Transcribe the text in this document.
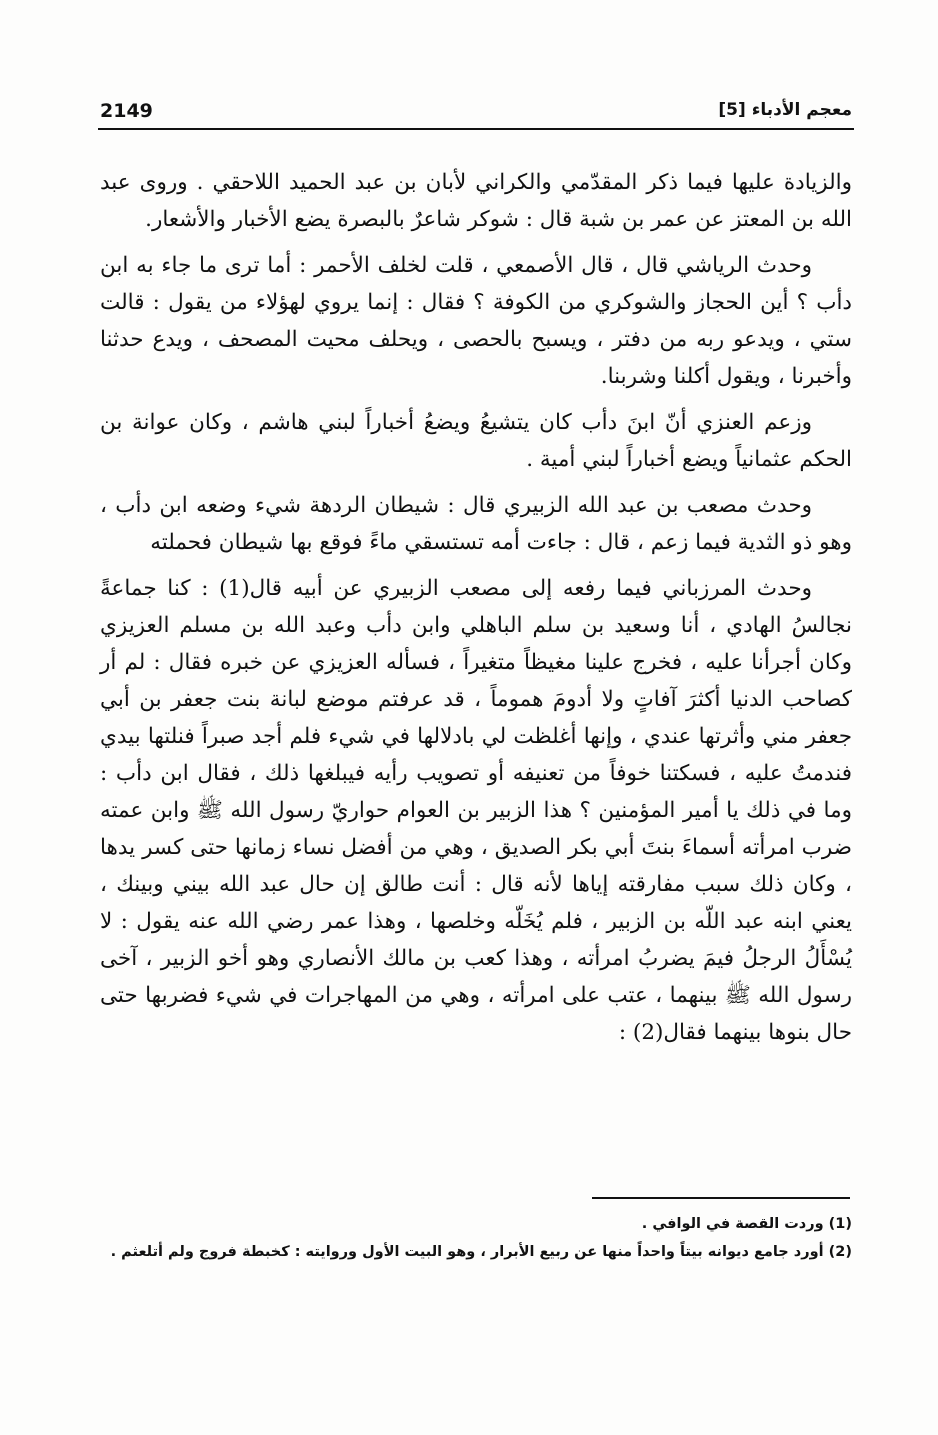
2149	معجم الأدباء [5]

والزيادة عليها فيما ذكر المقدّمي والكراني لأبان بن عبد الحميد اللاحقي . وروى عبد الله بن المعتز عن عمر بن شبة قال : شوكر شاعرٌ بالبصرة يضع الأخبار والأشعار.

وحدث الرياشي قال ، قال الأصمعي ، قلت لخلف الأحمر : أما ترى ما جاء به ابن دأب ؟ أين الحجاز والشوكري من الكوفة ؟ فقال : إنما يروي لهؤلاء من يقول : قالت ستي ، ويدعو ربه من دفتر ، ويسبح بالحصى ، ويحلف محيت المصحف ، ويدع حدثنا وأخبرنا ، ويقول أكلنا وشربنا.

وزعم العنزي أنّ ابنَ دأب كان يتشيعُ ويضعُ أخباراً لبني هاشم ، وكان عوانة بن الحكم عثمانياً ويضع أخباراً لبني أمية .

وحدث مصعب بن عبد الله الزبيري قال : شيطان الردهة شيء وضعه ابن دأب ، وهو ذو الثدية فيما زعم ، قال : جاءت أمه تستسقي ماءً فوقع بها شيطان فحملته

وحدث المرزباني فيما رفعه إلى مصعب الزبيري عن أبيه قال(1) : كنا جماعةً نجالسُ الهادي ، أنا وسعيد بن سلم الباهلي وابن دأب وعبد الله بن مسلم العزيزي وكان أجرأنا عليه ، فخرج علينا مغيظاً متغيراً ، فسأله العزيزي عن خبره فقال : لم أر كصاحب الدنيا أكثرَ آفاتٍ ولا أدومَ هموماً ، قد عرفتم موضع لبانة بنت جعفر بن أبي جعفر مني وأثرتها عندي ، وإنها أغلظت لي بادلالها في شيء فلم أجد صبراً فنلتها بيدي فندمتُ عليه ، فسكتنا خوفاً من تعنيفه أو تصويب رأيه فيبلغها ذلك ، فقال ابن دأب : وما في ذلك يا أمير المؤمنين ؟ هذا الزبير بن العوام حواريّ رسول الله ﷺ وابن عمته ضرب امرأته أسماءَ بنتَ أبي بكر الصديق ، وهي من أفضل نساء زمانها حتى كسر يدها ، وكان ذلك سبب مفارقته إياها لأنه قال : أنت طالق إن حال عبد الله بيني وبينك ، يعني ابنه عبد اللّه بن الزبير ، فلم يُخَلّه وخلصها ، وهذا عمر رضي الله عنه يقول : لا يُسْأَلُ الرجلُ فيمَ يضربُ امرأته ، وهذا كعب بن مالك الأنصاري وهو أخو الزبير ، آخى رسول الله ﷺ بينهما ، عتب على امرأته ، وهي من المهاجرات في شيء فضربها حتى حال بنوها بينهما فقال(2) :

(1) وردت القصة في الوافي .
(2) أورد جامع ديوانه بيتاً واحداً منها عن ربيع الأبرار ، وهو البيت الأول وروايته : كخبطة فروج ولم أتلعثم .
